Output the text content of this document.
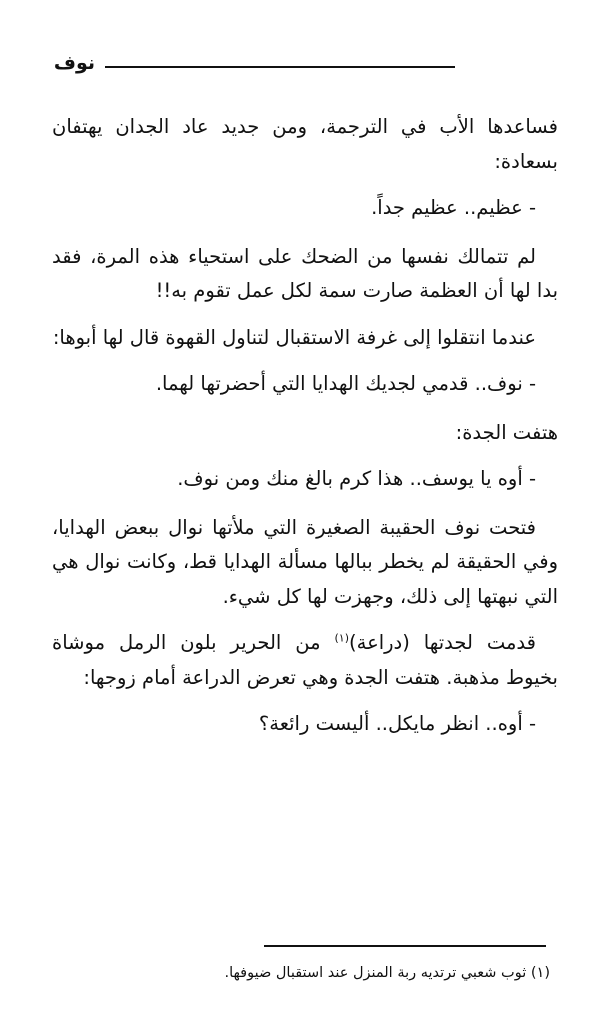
نوف

فساعدها الأب في الترجمة، ومن جديد عاد الجدان يهتفان بسعادة:

- عظيم.. عظيم جداً.

لم تتمالك نفسها من الضحك على استحياء هذه المرة، فقد بدا لها أن العظمة صارت سمة لكل عمل تقوم به!!

عندما انتقلوا إلى غرفة الاستقبال لتناول القهوة قال لها أبوها:

- نوف.. قدمي لجديك الهدايا التي أحضرتها لهما.

هتفت الجدة:

- أوه يا يوسف.. هذا كرم بالغ منك ومن نوف.

فتحت نوف الحقيبة الصغيرة التي ملأتها نوال ببعض الهدايا، وفي الحقيقة لم يخطر ببالها مسألة الهدايا قط، وكانت نوال هي التي نبهتها إلى ذلك، وجهزت لها كل شيء.

قدمت لجدتها (دراعة)$^{(١)}$ من الحرير بلون الرمل موشاة بخيوط مذهبة. هتفت الجدة وهي تعرض الدراعة أمام زوجها:

- أوه.. انظر مايكل.. أليست رائعة؟

(١) ثوب شعبي ترتديه ربة المنزل عند استقبال ضيوفها.
